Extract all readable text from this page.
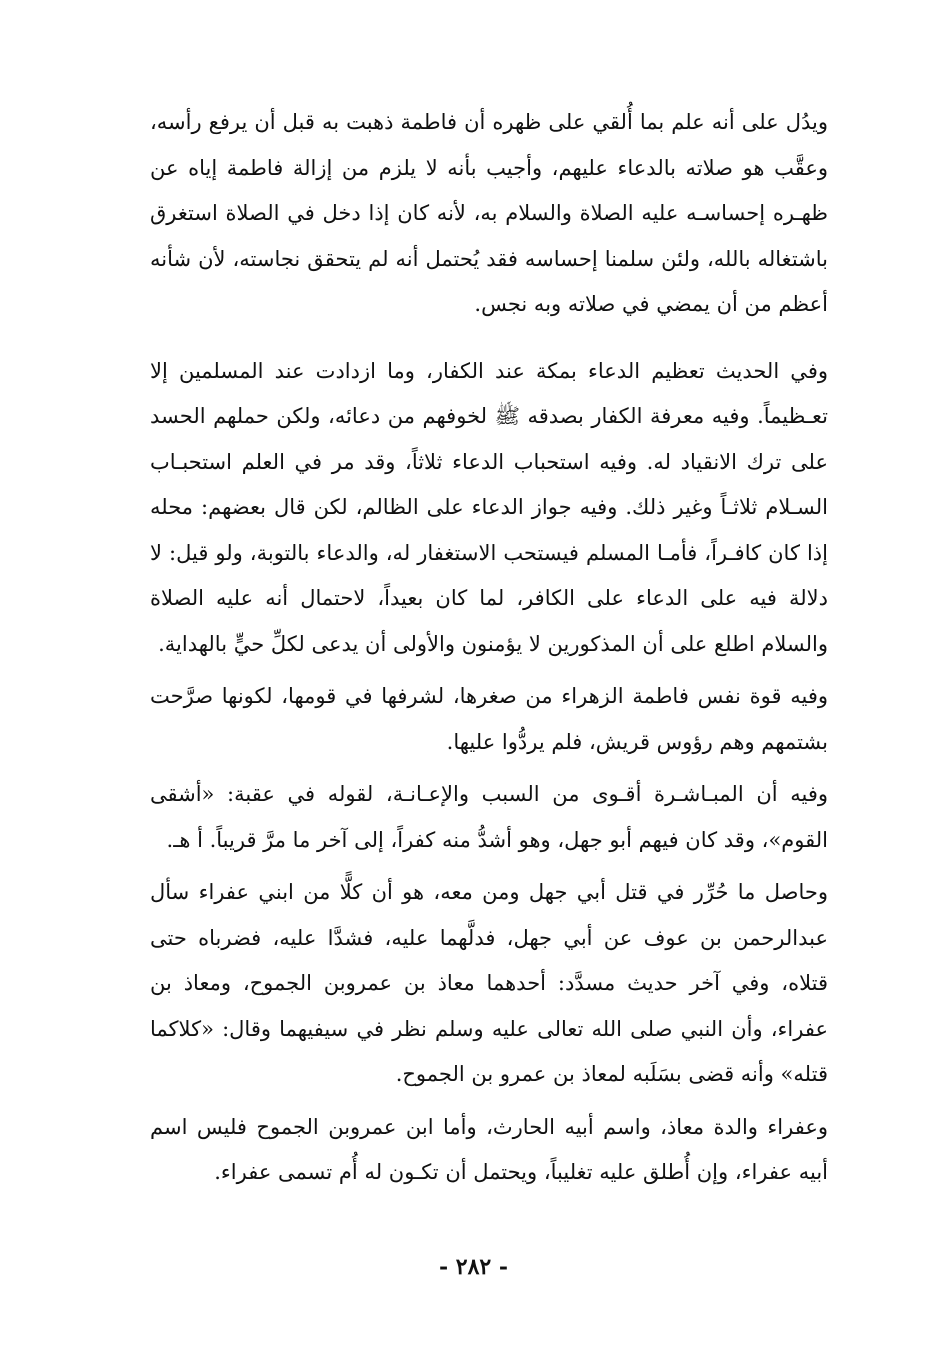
ويدُل على أنه علم بما أُلقي على ظهره أن فاطمة ذهبت به قبل أن يرفع رأسه، وعقَّب هو صلاته بالدعاء عليهم، وأجيب بأنه لا يلزم من إزالة فاطمة إياه عن ظهـره إحساسـه عليه الصلاة والسلام به، لأنه كان إذا دخل في الصلاة استغرق باشتغاله بالله، ولئن سلمنا إحساسه فقد يُحتمل أنه لم يتحقق نجاسته، لأن شأنه أعظم من أن يمضي في صلاته وبه نجس.

وفي الحديث تعظيم الدعاء بمكة عند الكفار، وما ازدادت عند المسلمين إلا تعـظيماً. وفيه معرفة الكفار بصدقه ﷺ لخوفهم من دعائه، ولكن حملهم الحسد على ترك الانقياد له. وفيه استحباب الدعاء ثلاثاً، وقد مر في العلم استحبـاب السـلام ثلاثـاً وغير ذلك. وفيه جواز الدعاء على الظالم، لكن قال بعضهم: محله إذا كان كافـراً، فأمـا المسلم فيستحب الاستغفار له، والدعاء بالتوبة، ولو قيل: لا دلالة فيه على الدعاء على الكافر، لما كان بعيداً، لاحتمال أنه عليه الصلاة والسلام اطلع على أن المذكورين لا يؤمنون والأولى أن يدعى لكلِّ حيٍّ بالهداية.

وفيه قوة نفس فاطمة الزهراء من صغرها، لشرفها في قومها، لكونها صرَّحت بشتمهم وهم رؤوس قريش، فلم يردُّوا عليها.

وفيه أن المبـاشـرة أقـوى من السبب والإعـانـة، لقوله في عقبة: «أشقى القوم»، وقد كان فيهم أبو جهل، وهو أشدُّ منه كفراً، إلى آخر ما مرَّ قريباً. أ هـ.

وحاصل ما حُرِّر في قتل أبي جهل ومن معه، هو أن كلًّا من ابني عفراء سأل عبدالرحمن بن عوف عن أبي جهل، فدلَّهما عليه، فشدَّا عليه، فضرباه حتى قتلاه، وفي آخر حديث مسدَّد: أحدهما معاذ بن عمروبن الجموح، ومعاذ بن عفراء، وأن النبي صلى الله تعالى عليه وسلم نظر في سيفيهما وقال: «كلاكما قتله» وأنه قضى بسَلَبه لمعاذ بن عمرو بن الجموح.

وعفراء والدة معاذ، واسم أبيه الحارث، وأما ابن عمروبن الجموح فليس اسم أبيه عفراء، وإن أُطلق عليه تغليباً، ويحتمل أن تكـون له أُم تسمى عفراء.

- ٢٨٢ -
